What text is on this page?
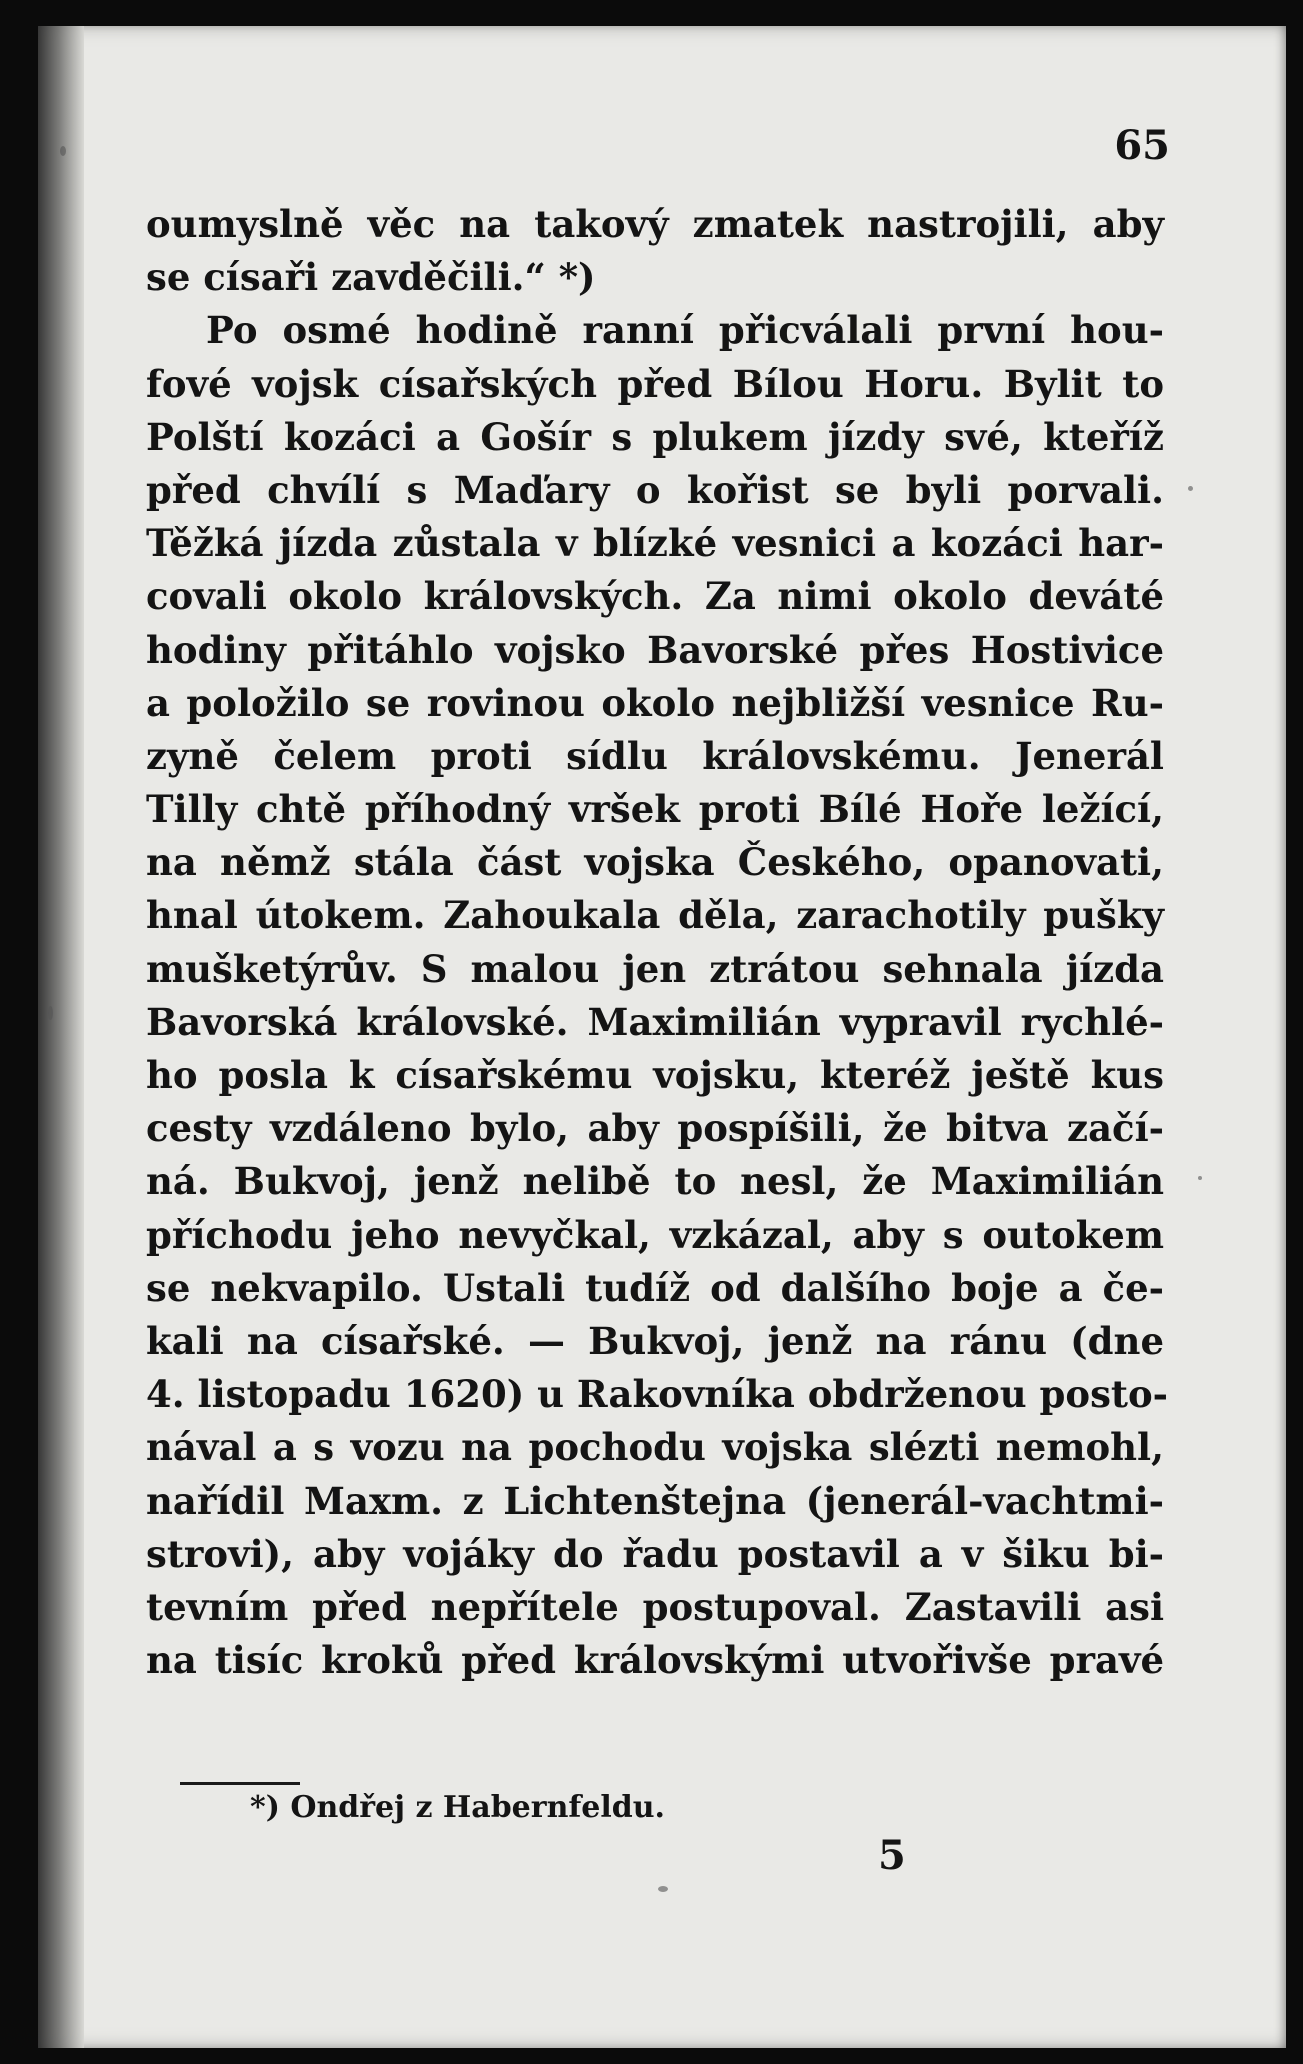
65
oumyslně věc na takový zmatek nastrojili, aby
se císaři zavděčili.“ *)
Po osmé hodině ranní přicválali první hou-
fové vojsk císařských před Bílou Horu. Bylit to
Polští kozáci a Gošír s plukem jízdy své, kteříž
před chvílí s Maďary o kořist se byli porvali.
Těžká jízda zůstala v blízké vesnici a kozáci har-
covali okolo královských. Za nimi okolo deváté
hodiny přitáhlo vojsko Bavorské přes Hostivice
a položilo se rovinou okolo nejbližší vesnice Ru-
zyně čelem proti sídlu královskému. Jenerál
Tilly chtě příhodný vršek proti Bílé Hoře ležící,
na němž stála část vojska Českého, opanovati,
hnal útokem. Zahoukala děla, zarachotily pušky
mušketýrův. S malou jen ztrátou sehnala jízda
Bavorská královské. Maximilián vypravil rychlé-
ho posla k císařskému vojsku, kteréž ještě kus
cesty vzdáleno bylo, aby pospíšili, že bitva začí-
ná. Bukvoj, jenž nelibě to nesl, že Maximilián
příchodu jeho nevyčkal, vzkázal, aby s outokem
se nekvapilo. Ustali tudíž od dalšího boje a če-
kali na císařské. — Bukvoj, jenž na ránu (dne
4. listopadu 1620) u Rakovníka obdrženou posto-
nával a s vozu na pochodu vojska slézti nemohl,
nařídil Maxm. z Lichtenštejna (jenerál-vachtmi-
strovi), aby vojáky do řadu postavil a v šiku bi-
tevním před nepřítele postupoval. Zastavili asi
na tisíc kroků před královskými utvořivše pravé
*) Ondřej z Habernfeldu.
5
